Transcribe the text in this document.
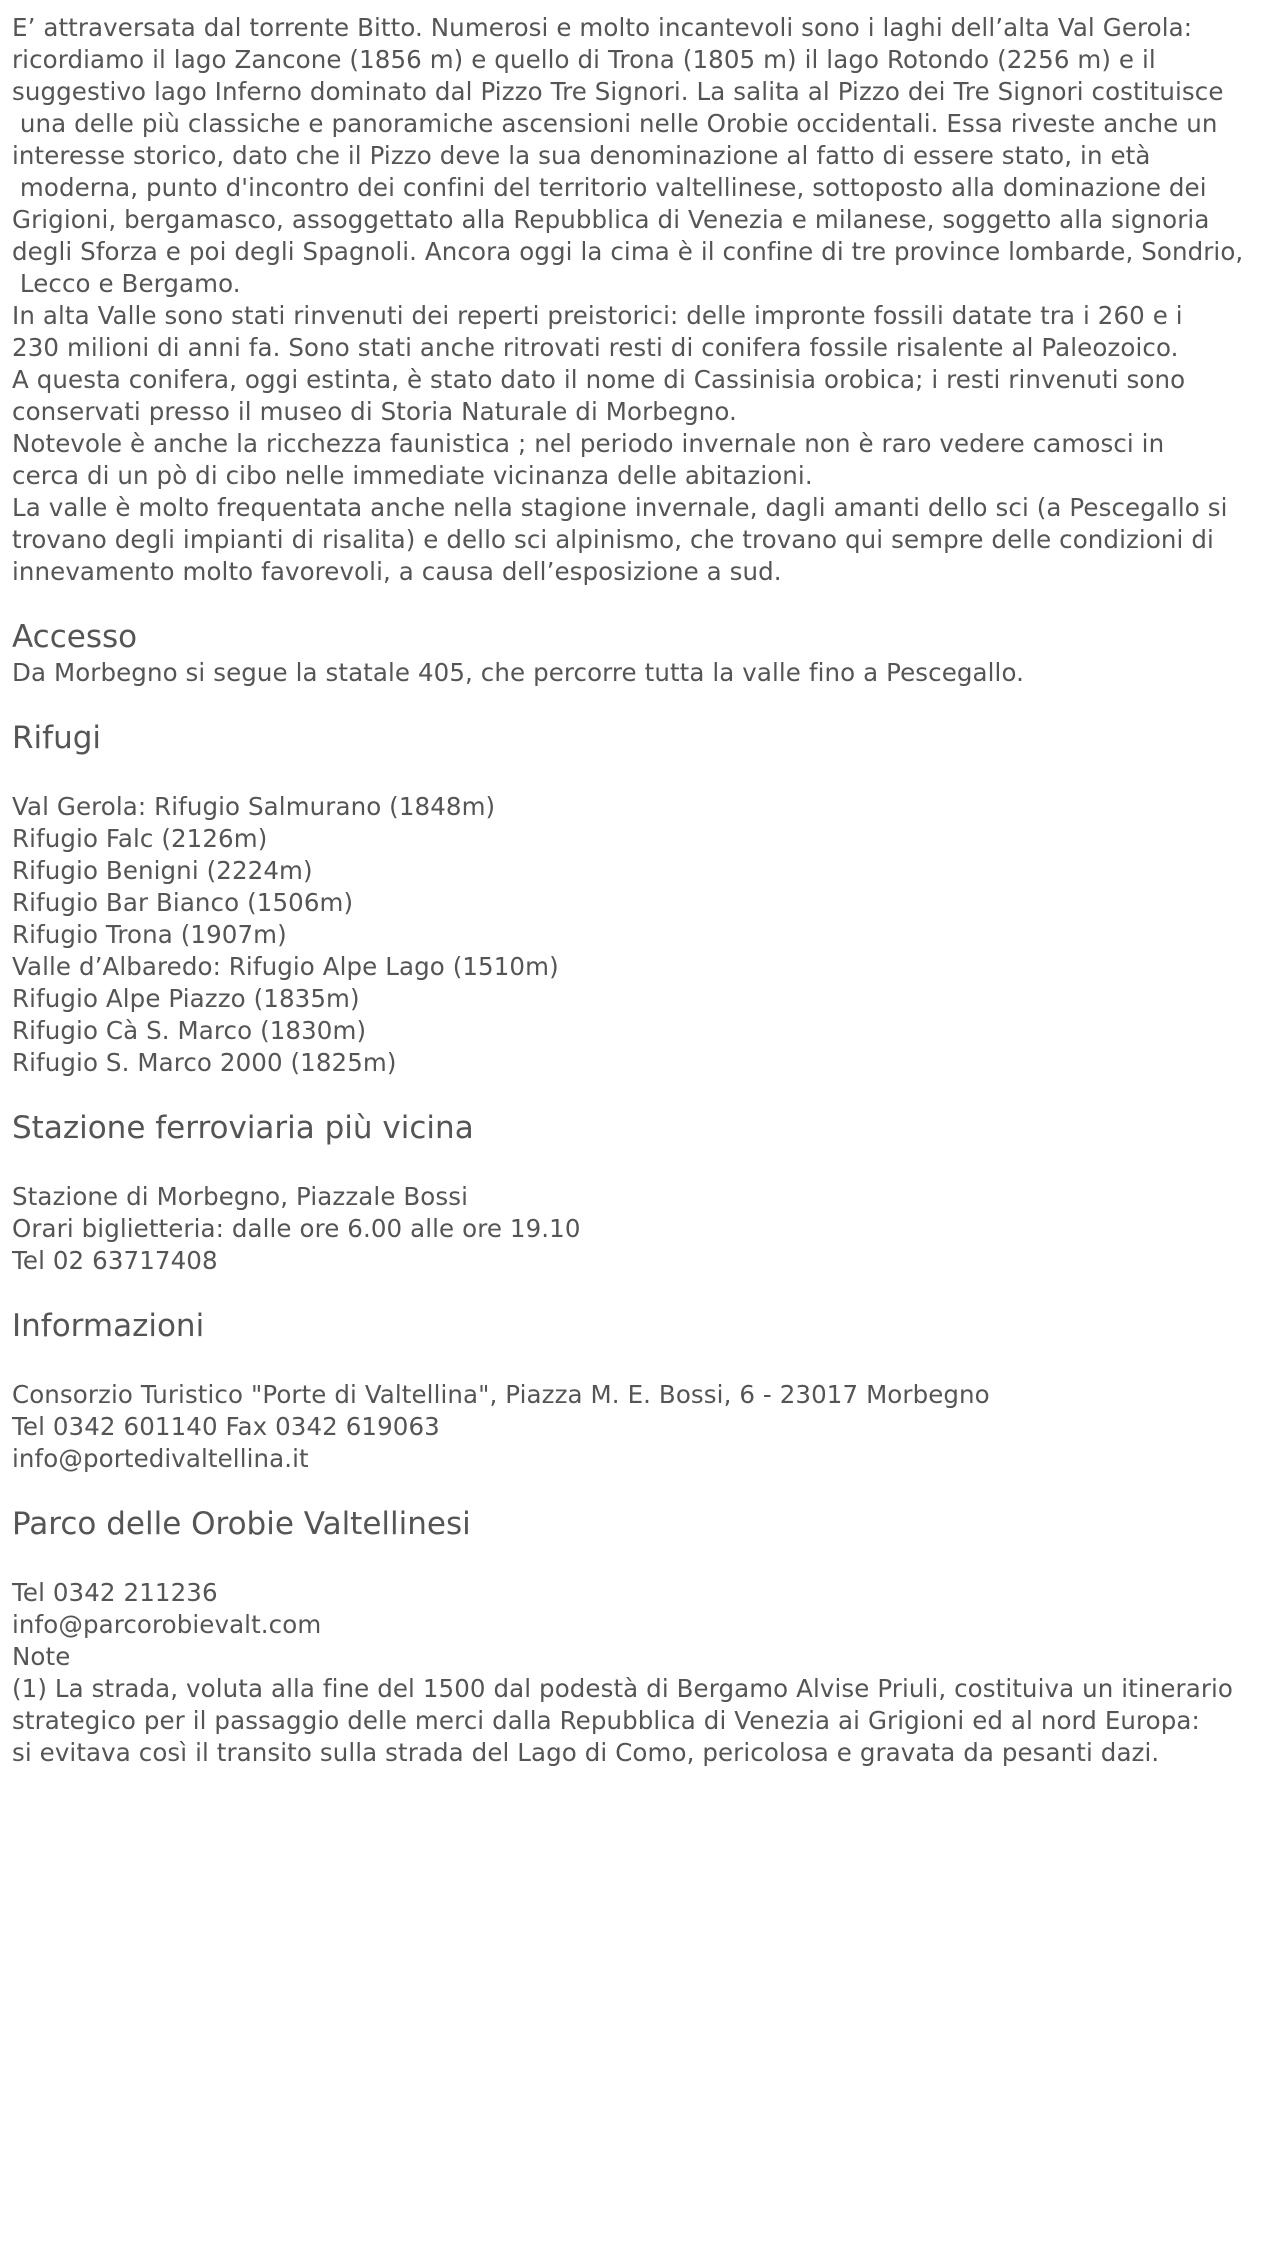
E’ attraversata dal torrente Bitto. Numerosi e molto incantevoli sono i laghi dell’alta Val Gerola:
ricordiamo il lago Zancone (1856 m) e quello di Trona (1805 m) il lago Rotondo (2256 m) e il
suggestivo lago Inferno dominato dal Pizzo Tre Signori. La salita al Pizzo dei Tre Signori costituisce
una delle più classiche e panoramiche ascensioni nelle Orobie occidentali. Essa riveste anche un
interesse storico, dato che il Pizzo deve la sua denominazione al fatto di essere stato, in età
moderna, punto d'incontro dei confini del territorio valtellinese, sottoposto alla dominazione dei
Grigioni, bergamasco, assoggettato alla Repubblica di Venezia e milanese, soggetto alla signoria
degli Sforza e poi degli Spagnoli. Ancora oggi la cima è il confine di tre province lombarde, Sondrio,
Lecco e Bergamo.
In alta Valle sono stati rinvenuti dei reperti preistorici: delle impronte fossili datate tra i 260 e i
230 milioni di anni fa. Sono stati anche ritrovati resti di conifera fossile risalente al Paleozoico.
A questa conifera, oggi estinta, è stato dato il nome di Cassinisia orobica; i resti rinvenuti sono
conservati presso il museo di Storia Naturale di Morbegno.
Notevole è anche la ricchezza faunistica ; nel periodo invernale non è raro vedere camosci in
cerca di un pò di cibo nelle immediate vicinanza delle abitazioni.
La valle è molto frequentata anche nella stagione invernale, dagli amanti dello sci (a Pescegallo si
trovano degli impianti di risalita) e dello sci alpinismo, che trovano qui sempre delle condizioni di
innevamento molto favorevoli, a causa dell’esposizione a sud.
Accesso
Da Morbegno si segue la statale 405, che percorre tutta la valle fino a Pescegallo.
Rifugi
Val Gerola: Rifugio Salmurano (1848m)
Rifugio Falc (2126m)
Rifugio Benigni (2224m)
Rifugio Bar Bianco (1506m)
Rifugio Trona (1907m)
Valle d’Albaredo: Rifugio Alpe Lago (1510m)
Rifugio Alpe Piazzo (1835m)
Rifugio Cà S. Marco (1830m)
Rifugio S. Marco 2000 (1825m)
Stazione ferroviaria più vicina
Stazione di Morbegno, Piazzale Bossi
Orari biglietteria: dalle ore 6.00 alle ore 19.10
Tel 02 63717408
Informazioni
Consorzio Turistico "Porte di Valtellina", Piazza M. E. Bossi, 6 - 23017 Morbegno
Tel 0342 601140 Fax 0342 619063
info@portedivaltellina.it
Parco delle Orobie Valtellinesi
Tel 0342 211236
info@parcorobievalt.com
Note
(1) La strada, voluta alla fine del 1500 dal podestà di Bergamo Alvise Priuli, costituiva un itinerario
strategico per il passaggio delle merci dalla Repubblica di Venezia ai Grigioni ed al nord Europa:
si evitava così il transito sulla strada del Lago di Como, pericolosa e gravata da pesanti dazi.
